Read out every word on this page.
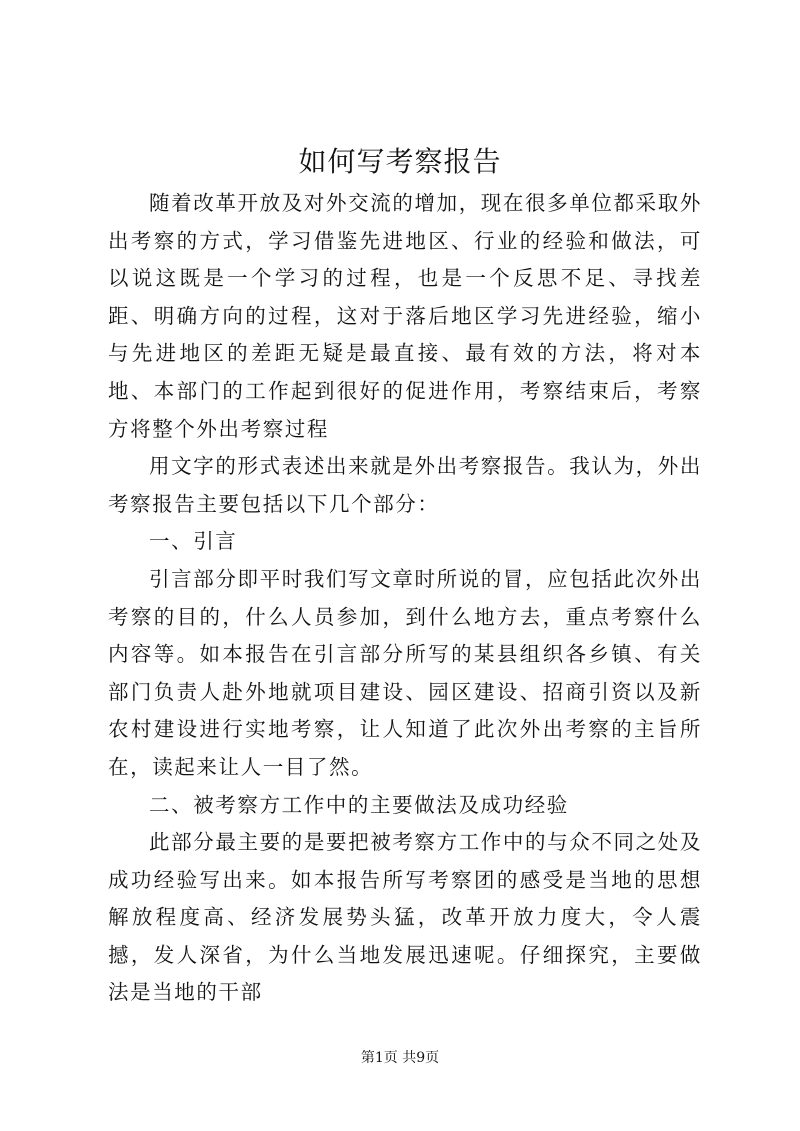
如何写考察报告

随着改革开放及对外交流的增加，现在很多单位都采取外出考察的方式，学习借鉴先进地区、行业的经验和做法，可以说这既是一个学习的过程，也是一个反思不足、寻找差距、明确方向的过程，这对于落后地区学习先进经验，缩小与先进地区的差距无疑是最直接、最有效的方法，将对本地、本部门的工作起到很好的促进作用，考察结束后，考察方将整个外出考察过程

用文字的形式表述出来就是外出考察报告。我认为，外出考察报告主要包括以下几个部分：

一、引言

引言部分即平时我们写文章时所说的冒，应包括此次外出考察的目的，什么人员参加，到什么地方去，重点考察什么内容等。如本报告在引言部分所写的某县组织各乡镇、有关部门负责人赴外地就项目建设、园区建设、招商引资以及新农村建设进行实地考察，让人知道了此次外出考察的主旨所在，读起来让人一目了然。

二、被考察方工作中的主要做法及成功经验

此部分最主要的是要把被考察方工作中的与众不同之处及成功经验写出来。如本报告所写考察团的感受是当地的思想解放程度高、经济发展势头猛，改革开放力度大，令人震撼，发人深省，为什么当地发展迅速呢。仔细探究，主要做法是当地的干部

第1页 共9页
